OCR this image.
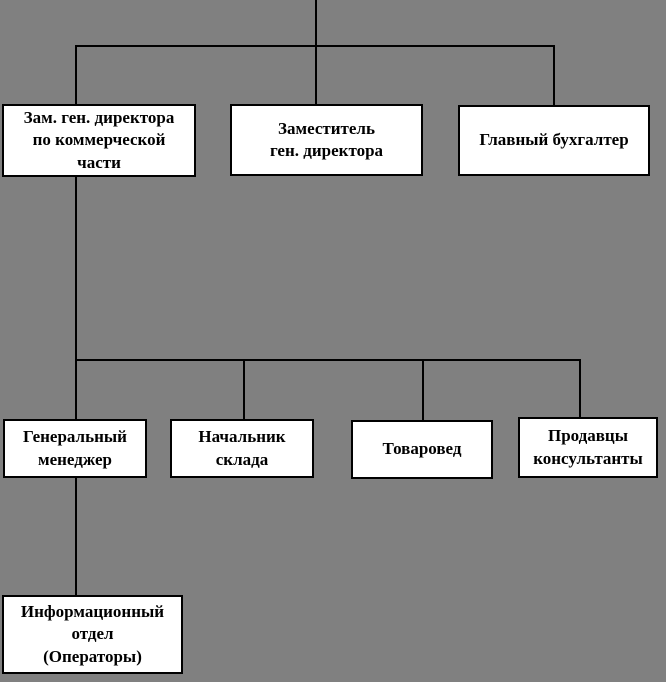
Зам. ген. директора
по коммерческой
части
Заместитель
ген. директора
Главный бухгалтер
Генеральный
менеджер
Начальник
склада
Товаровед
Продавцы
консультанты
Информационный
отдел
(Операторы)
